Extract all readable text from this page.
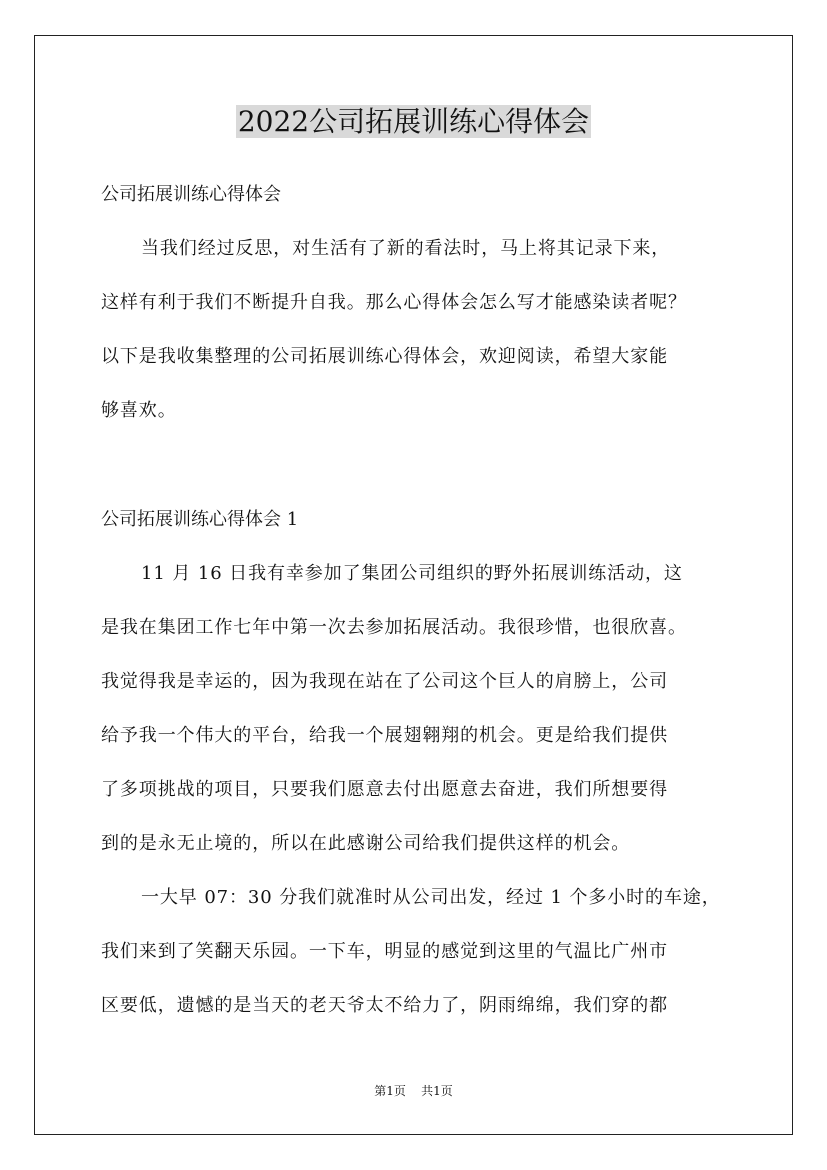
2022公司拓展训练心得体会
公司拓展训练心得体会
当我们经过反思，对生活有了新的看法时，马上将其记录下来，
这样有利于我们不断提升自我。那么心得体会怎么写才能感染读者呢？
以下是我收集整理的公司拓展训练心得体会，欢迎阅读，希望大家能
够喜欢。
公司拓展训练心得体会 1
11 月 16 日我有幸参加了集团公司组织的野外拓展训练活动，这
是我在集团工作七年中第一次去参加拓展活动。我很珍惜，也很欣喜。
我觉得我是幸运的，因为我现在站在了公司这个巨人的肩膀上，公司
给予我一个伟大的平台，给我一个展翅翱翔的机会。更是给我们提供
了多项挑战的项目，只要我们愿意去付出愿意去奋进，我们所想要得
到的是永无止境的，所以在此感谢公司给我们提供这样的机会。
一大早 07：30 分我们就准时从公司出发，经过 1 个多小时的车途，
我们来到了笑翻天乐园。一下车，明显的感觉到这里的气温比广州市
区要低，遗憾的是当天的老天爷太不给力了，阴雨绵绵，我们穿的都
第1页 共1页
